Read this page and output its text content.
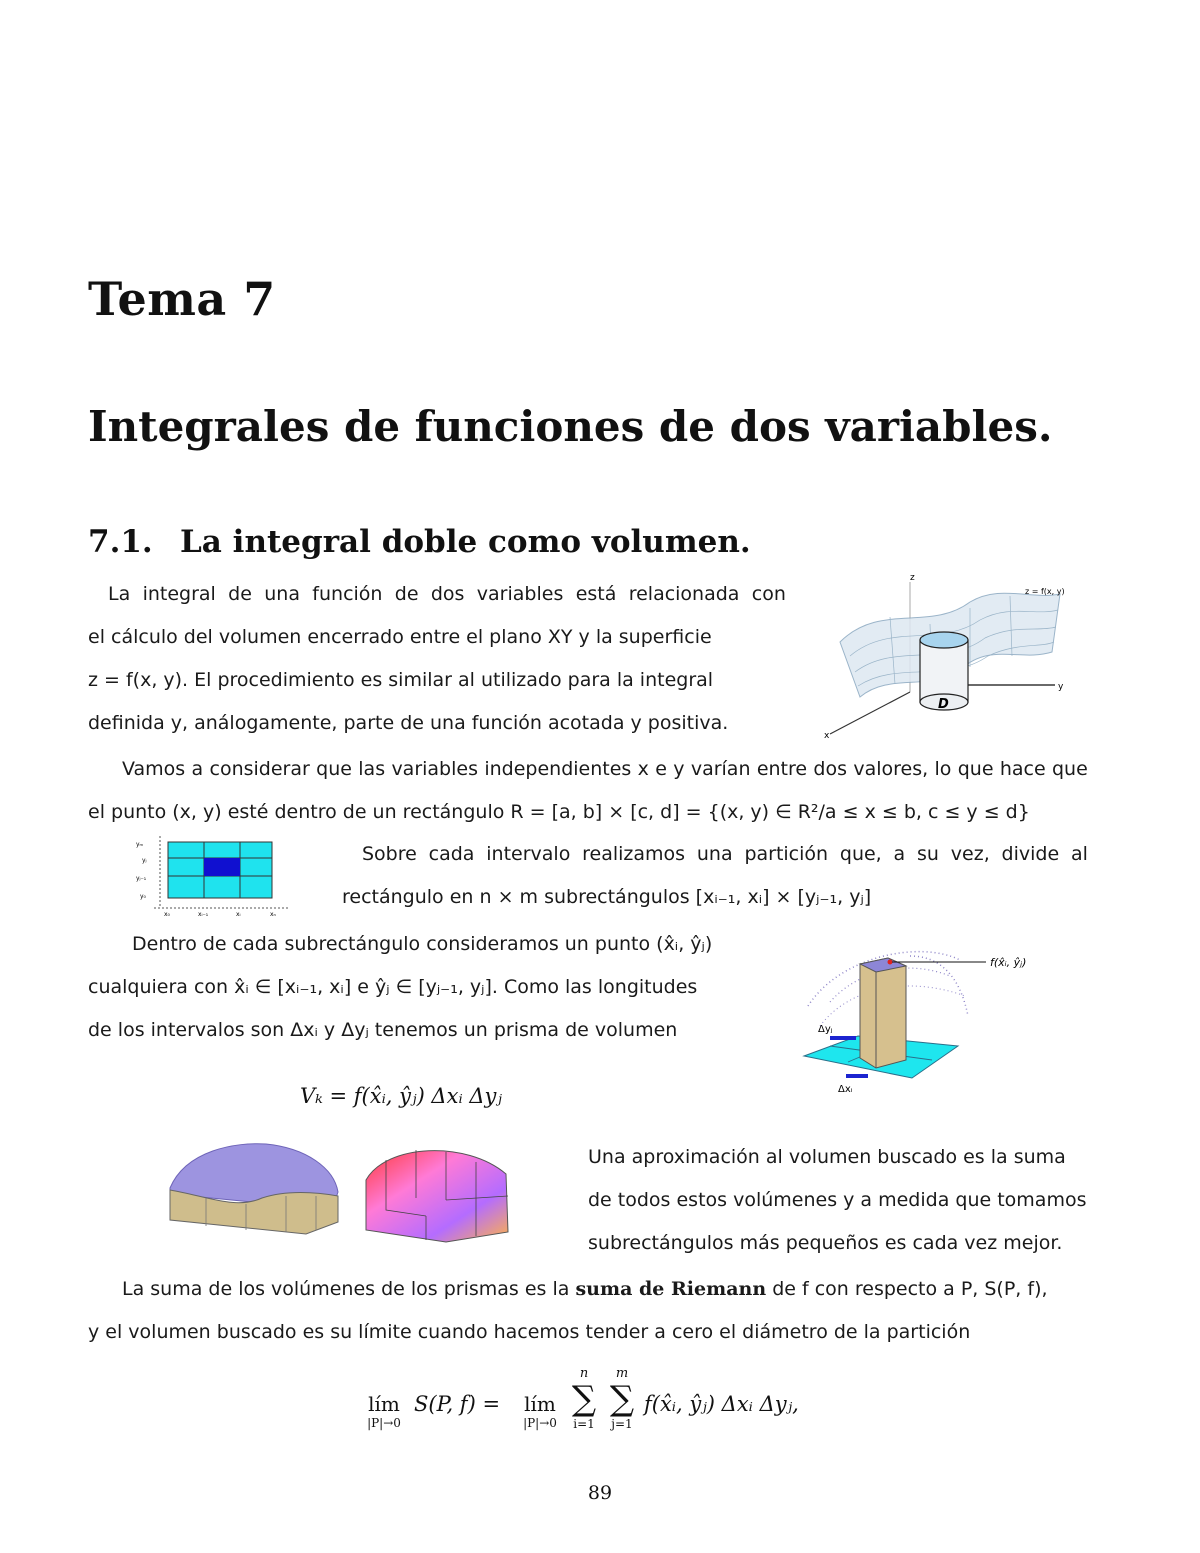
Tema 7
Integrales de funciones de dos variables.
7.1. La integral doble como volumen.
La integral de una función de dos variables está relacionada con
el cálculo del volumen encerrado entre el plano XY y la superficie
z = f(x, y). El procedimiento es similar al utilizado para la integral
definida y, análogamente, parte de una función acotada y positiva.
z
z = f(x, y)
D
y
x
Vamos a considerar que las variables independientes x e y varían entre dos valores, lo que hace que
el punto (x, y) esté dentro de un rectángulo R = [a, b] × [c, d] = {(x, y) ∈ R²/a ≤ x ≤ b, c ≤ y ≤ d}
yₘ
yⱼ
yⱼ₋₁
y₀
x₀	xᵢ₋₁	xᵢ	xₙ
Sobre cada intervalo realizamos una partición que, a su vez, divide al
rectángulo en n × m subrectángulos [xᵢ₋₁, xᵢ] × [yⱼ₋₁, yⱼ]
Dentro de cada subrectángulo consideramos un punto (x̂ᵢ, ŷⱼ)
cualquiera con x̂ᵢ ∈ [xᵢ₋₁, xᵢ] e ŷⱼ ∈ [yⱼ₋₁, yⱼ]. Como las longitudes
de los intervalos son Δxᵢ y Δyⱼ tenemos un prisma de volumen
f(x̂ᵢ, ŷⱼ)
Δyⱼ
Δxᵢ
Vₖ = f(x̂ᵢ, ŷⱼ) Δxᵢ Δyⱼ
Una aproximación al volumen buscado es la suma
de todos estos volúmenes y a medida que tomamos
subrectángulos más pequeños es cada vez mejor.
La suma de los volúmenes de los prismas es la suma de Riemann de f con respecto a P, S(P, f),
y el volumen buscado es su límite cuando hacemos tender a cero el diámetro de la partición
lím
|P|→0
S(P, f) =	lím
|P|→0
n
∑
i=1
m
∑
j=1
f(x̂ᵢ, ŷⱼ) Δxᵢ Δyⱼ,
89
